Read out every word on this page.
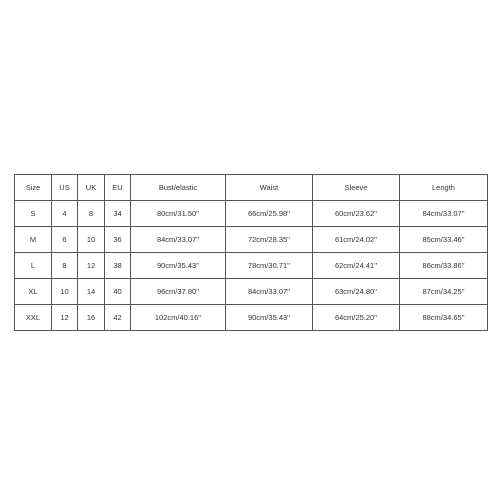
Size	US	UK	EU	Bust/elastic	Waist	Sleeve	Length
S	4	8	34	80cm/31.50''	66cm/25.98''	60cm/23.62''	84cm/33.07''
M	6	10	36	84cm/33.07''	72cm/28.35''	61cm/24.02''	85cm/33.46''
L	8	12	38	90cm/35.43''	78cm/30.71''	62cm/24.41''	86cm/33.86''
XL	10	14	40	96cm/37.80''	84cm/33.07''	63cm/24.80''	87cm/34.25''
XXL	12	16	42	102cm/40.16''	90cm/35.43''	64cm/25.20''	88cm/34.65''
